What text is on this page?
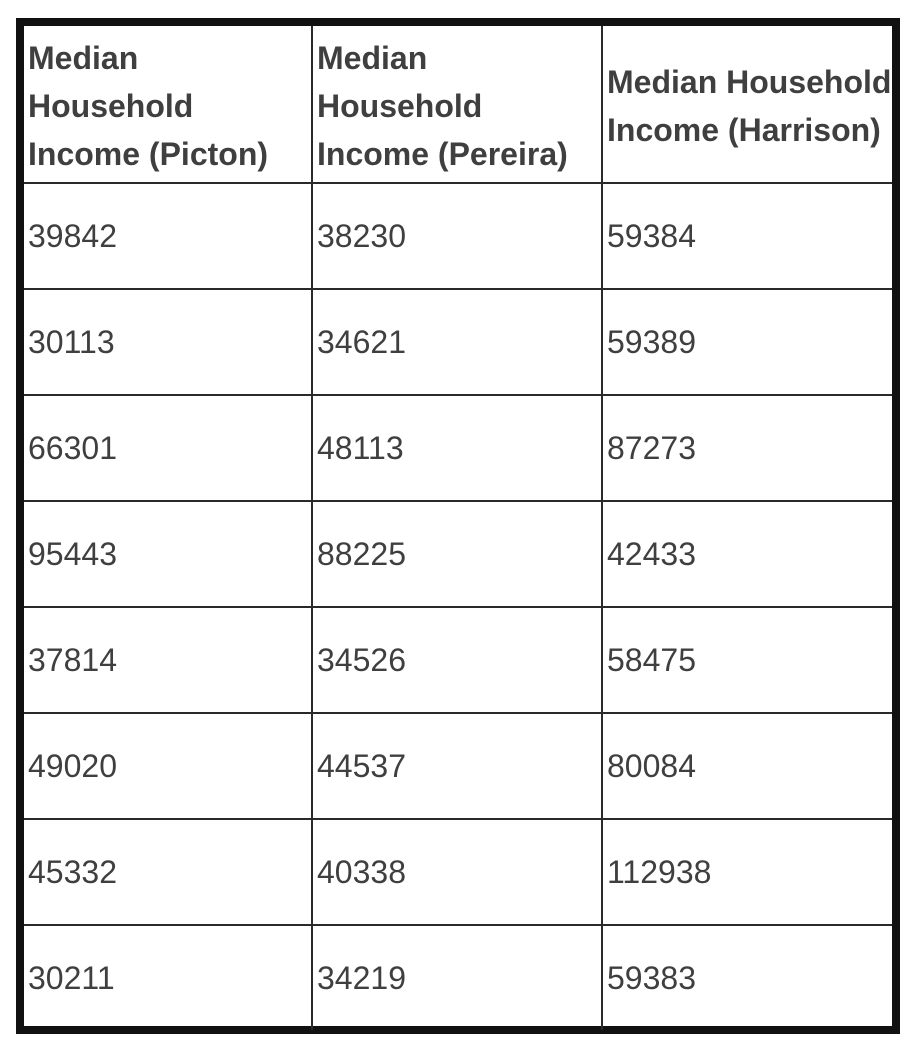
Median Household Income (Picton)	Median Household Income (Pereira)	Median Household Income (Harrison)
39842	38230	59384
30113	34621	59389
66301	48113	87273
95443	88225	42433
37814	34526	58475
49020	44537	80084
45332	40338	112938
30211	34219	59383
